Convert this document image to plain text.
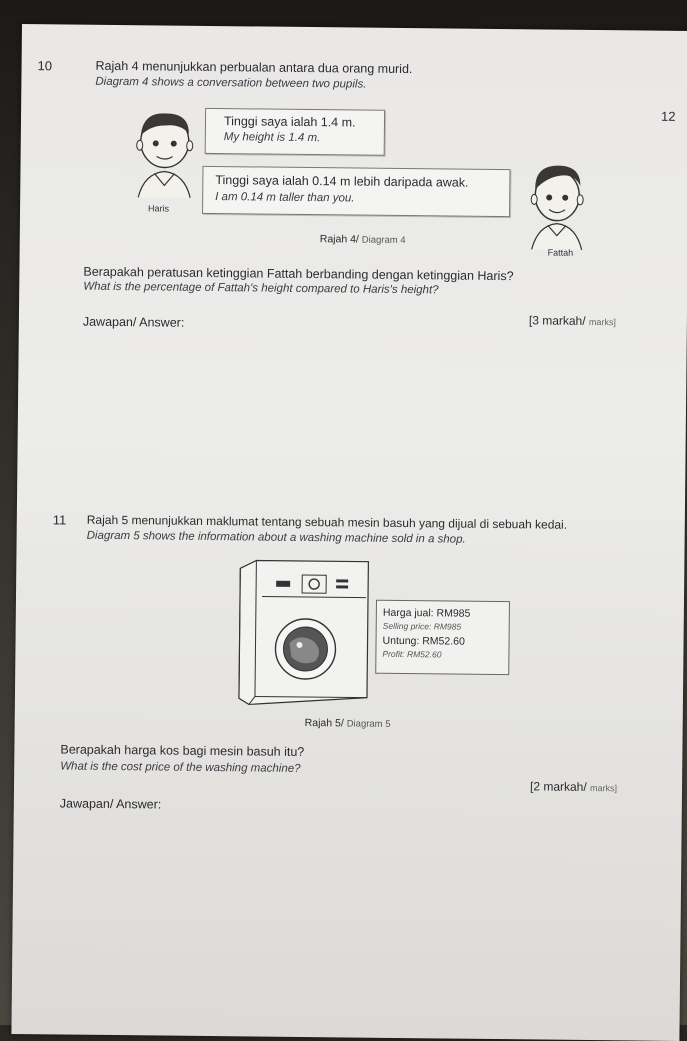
12
10	Rajah 4 menunjukkan perbualan antara dua orang murid.
Diagram 4 shows a conversation between two pupils.
Haris
Tinggi saya ialah 1.4 m.
My height is 1.4 m.
Tinggi saya ialah 0.14 m lebih daripada awak.
I am 0.14 m taller than you.
Fattah
Rajah 4/ Diagram 4
Berapakah peratusan ketinggian Fattah berbanding dengan ketinggian Haris?
What is the percentage of Fattah's height compared to Haris's height?
[3 markah/ marks]
Jawapan/ Answer:
11 Rajah 5 menunjukkan maklumat tentang sebuah mesin basuh yang dijual di sebuah kedai.
Diagram 5 shows the information about a washing machine sold in a shop.
Harga jual: RM985
Selling price: RM985
Untung: RM52.60
Profit: RM52.60
Rajah 5/ Diagram 5
Berapakah harga kos bagi mesin basuh itu?
What is the cost price of the washing machine?
[2 markah/ marks]
Jawapan/ Answer:
